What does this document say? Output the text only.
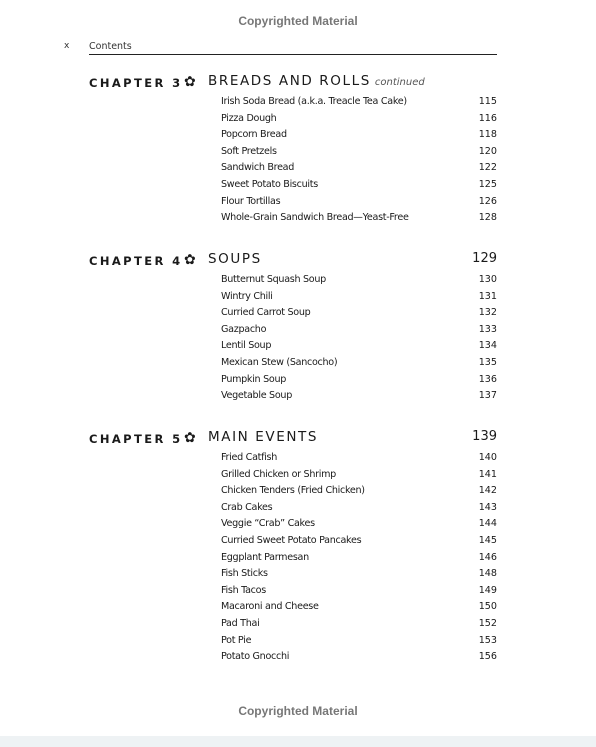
Copyrighted Material
x Contents
CHAPTER 3 ✿ BREADS AND ROLLS continued
Irish Soda Bread (a.k.a. Treacle Tea Cake)	115
Pizza Dough	116
Popcorn Bread	118
Soft Pretzels	120
Sandwich Bread	122
Sweet Potato Biscuits	125
Flour Tortillas	126
Whole-Grain Sandwich Bread—Yeast-Free	128
CHAPTER 4 ✿ SOUPS	129
Butternut Squash Soup	130
Wintry Chili	131
Curried Carrot Soup	132
Gazpacho	133
Lentil Soup	134
Mexican Stew (Sancocho)	135
Pumpkin Soup	136
Vegetable Soup	137
CHAPTER 5 ✿ MAIN EVENTS	139
Fried Catfish	140
Grilled Chicken or Shrimp	141
Chicken Tenders (Fried Chicken)	142
Crab Cakes	143
Veggie “Crab” Cakes	144
Curried Sweet Potato Pancakes	145
Eggplant Parmesan	146
Fish Sticks	148
Fish Tacos	149
Macaroni and Cheese	150
Pad Thai	152
Pot Pie	153
Potato Gnocchi	156
Copyrighted Material
